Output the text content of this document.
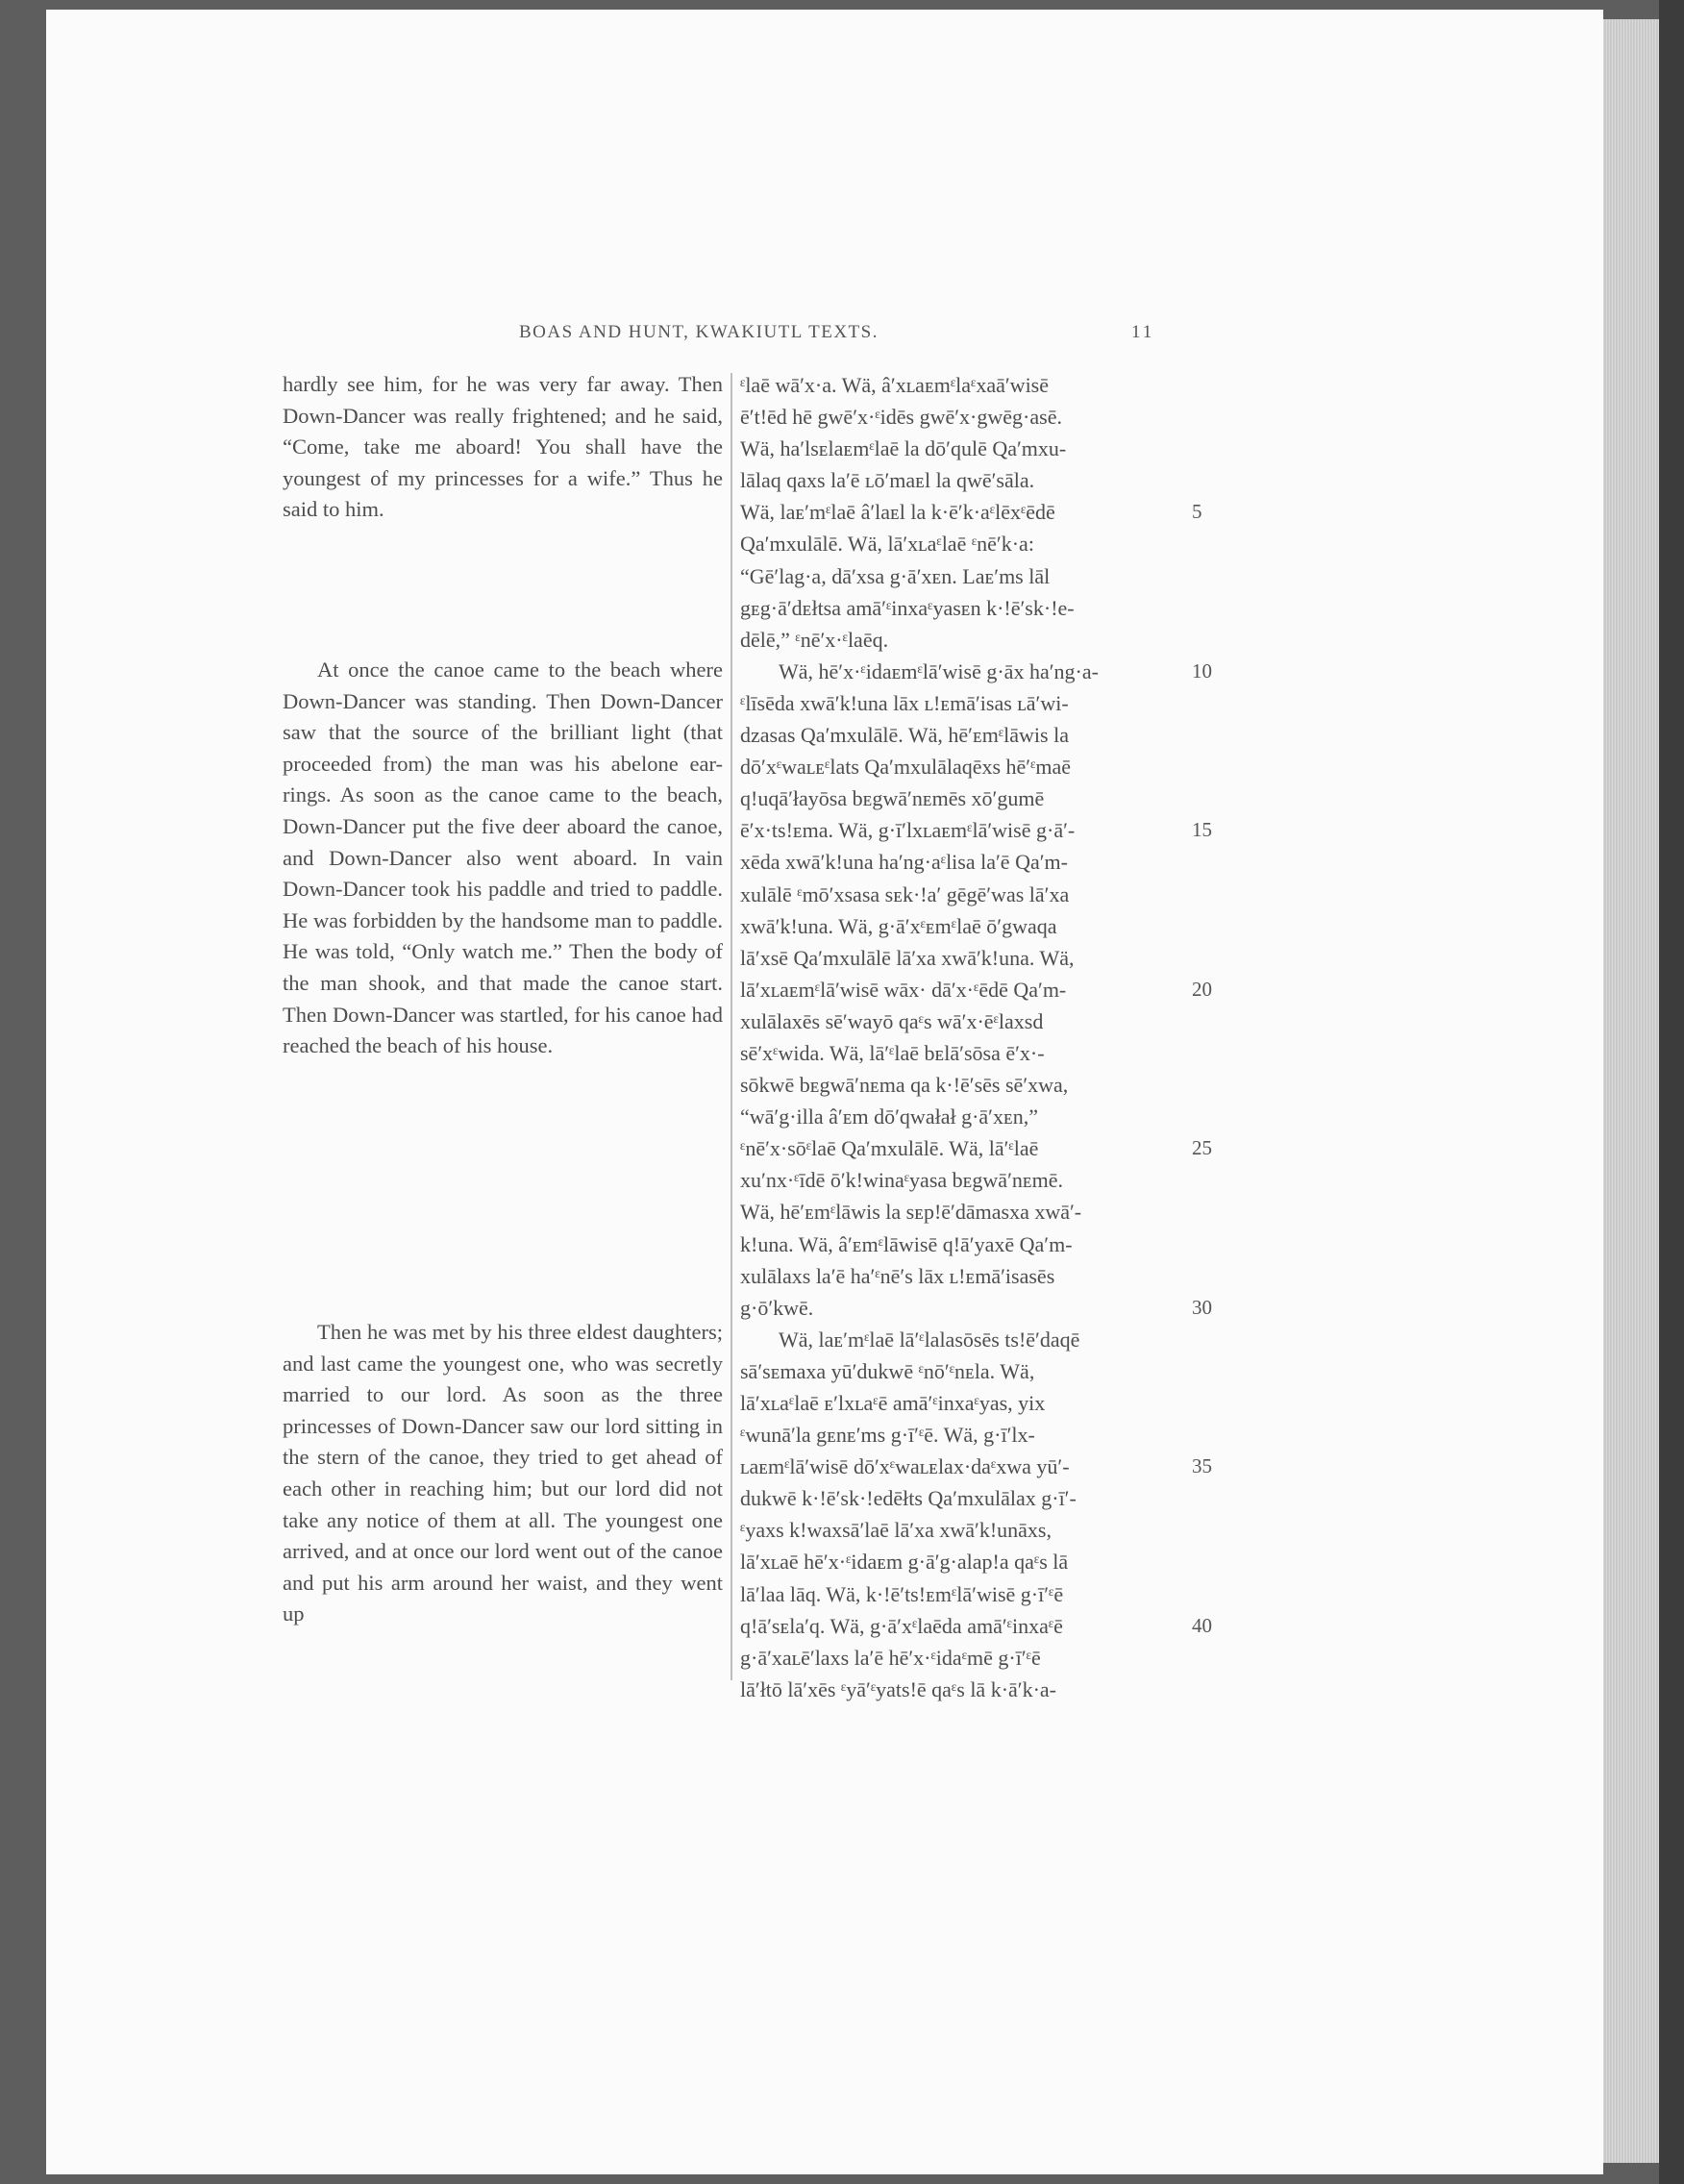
BOAS AND HUNT, KWAKIUTL TEXTS.	11

hardly see him, for he was very far away. Then Down-Dancer was really frightened; and he said, “Come, take me aboard! You shall have the youngest of my princesses for a wife.” Thus he said to him.

At once the canoe came to the beach where Down-Dancer was standing. Then Down-Dancer saw that the source of the brilliant light (that proceeded from) the man was his abelone ear-rings. As soon as the canoe came to the beach, Down-Dancer put the five deer aboard the canoe, and Down-Dancer also went aboard. In vain Down-Dancer took his paddle and tried to paddle. He was forbidden by the handsome man to paddle. He was told, “Only watch me.” Then the body of the man shook, and that made the canoe start. Then Down-Dancer was startled, for his canoe had reached the beach of his house.

Then he was met by his three eldest daughters; and last came the youngest one, who was secretly married to our lord. As soon as the three princesses of Down-Dancer saw our lord sitting in the stern of the canoe, they tried to get ahead of each other in reaching him; but our lord did not take any notice of them at all. The youngest one arrived, and at once our lord went out of the canoe and put his arm around her waist, and they went up

ᵋlaē wā′x·a. Wä, â′xʟaᴇmᵋlaᵋxaā′wisē
ē′t!ēd hē gwē′x·ᵋidēs gwē′x·gwēg·asē.
Wä, ha′lsᴇlaᴇmᵋlaē la dō′qulē Qa′mxu-
lālaq qaxs la′ē ʟō′maᴇl la qwē′sāla.
Wä, laᴇ′mᵋlaē â′laᴇl la k·ē′k·aᵋlēxᵋēdē
Qa′mxulālē. Wä, lā′xʟaᵋlaē ᵋnē′k·a:
“Gē′lag·a, dā′xsa g·ā′xᴇn. Laᴇ′ms lāl
gᴇg·ā′dᴇłtsa amā′ᵋinxaᵋyasᴇn k·!ē′sk·!e-
dēlē,” ᵋnē′x·ᵋlaēq.
Wä, hē′x·ᵋidaᴇmᵋlā′wisē g·āx ha′ng·a-
ᵋlīsēda xwā′k!una lāx ʟ!ᴇmā′isas ʟā′wi-
dzasas Qa′mxulālē. Wä, hē′ᴇmᵋlāwis la
dō′xᵋwaʟᴇᵋlats Qa′mxulālaqēxs hē′ᵋmaē
q!uqā′łayōsa bᴇgwā′nᴇmēs xō′gumē
ē′x·ts!ᴇma. Wä, g·ī′lxʟaᴇmᵋlā′wisē g·ā′-
xēda xwā′k!una ha′ng·aᵋlisa la′ē Qa′m-
xulālē ᵋmō′xsasa sᴇk·!a′ gēgē′was lā′xa
xwā′k!una. Wä, g·ā′xᵋᴇmᵋlaē ō′gwaqa
lā′xsē Qa′mxulālē lā′xa xwā′k!una. Wä,
lā′xʟaᴇmᵋlā′wisē wāx· dā′x·ᵋēdē Qa′m-
xulālaxēs sē′wayō qaᵋs wā′x·ēᵋlaxsd
sē′xᵋwida. Wä, lā′ᵋlaē bᴇlā′sōsa ē′x·-
sōkwē bᴇgwā′nᴇma qa k·!ē′sēs sē′xwa,
“wā′g·illa â′ᴇm dō′qwałał g·ā′xᴇn,”
ᵋnē′x·sōᵋlaē Qa′mxulālē. Wä, lā′ᵋlaē
xu′nx·ᵋīdē ō′k!winaᵋyasa bᴇgwā′nᴇmē.
Wä, hē′ᴇmᵋlāwis la sᴇp!ē′dāmasxa xwā′-
k!una. Wä, â′ᴇmᵋlāwisē q!ā′yaxē Qa′m-
xulālaxs la′ē ha′ᵋnē′s lāx ʟ!ᴇmā′isasēs
g·ō′kwē.
Wä, laᴇ′mᵋlaē lā′ᵋlalasōsēs ts!ē′daqē
sā′sᴇmaxa yū′dukwē ᵋnō′ᵋnᴇla. Wä,
lā′xʟaᵋlaē ᴇ′lxʟaᵋē amā′ᵋinxaᵋyas, yix
ᵋwunā′la gᴇnᴇ′ms g·ī′ᵋē. Wä, g·ī′lx-
ʟaᴇmᵋlā′wisē dō′xᵋwaʟᴇlax·daᵋxwa yū′-
dukwē k·!ē′sk·!edēłts Qa′mxulālax g·ī′-
ᵋyaxs k!waxsā′laē lā′xa xwā′k!unāxs,
lā′xʟaē hē′x·ᵋidaᴇm g·ā′g·alap!a qaᵋs lā
lā′laa lāq. Wä, k·!ē′ts!ᴇmᵋlā′wisē g·ī′ᵋē
q!ā′sᴇla′q. Wä, g·ā′xᵋlaēda amā′ᵋinxaᵋē
g·ā′xaʟē′laxs la′ē hē′x·ᵋidaᵋmē g·ī′ᵋē
lā′łtō lā′xēs ᵋyā′ᵋyats!ē qaᵋs lā k·ā′k·a-
5
10
15
20
25
30
35
40
